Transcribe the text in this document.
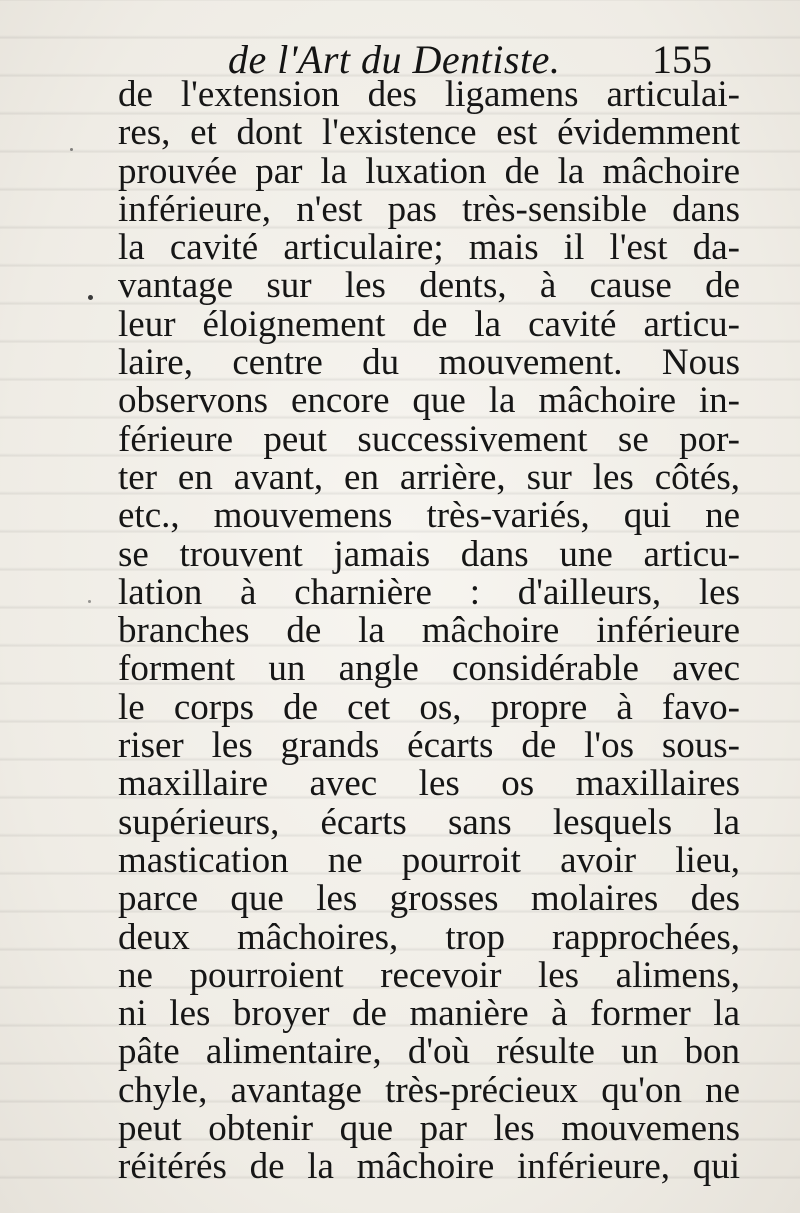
de l'Art du Dentiste. 155
de l'extension des ligamens articulai-
res, et dont l'existence est évidemment
prouvée par la luxation de la mâchoire
inférieure, n'est pas très-sensible dans
la cavité articulaire; mais il l'est da-
vantage sur les dents, à cause de
leur éloignement de la cavité articu-
laire, centre du mouvement. Nous
observons encore que la mâchoire in-
férieure peut successivement se por-
ter en avant, en arrière, sur les côtés,
etc., mouvemens très-variés, qui ne
se trouvent jamais dans une articu-
lation à charnière : d'ailleurs, les
branches de la mâchoire inférieure
forment un angle considérable avec
le corps de cet os, propre à favo-
riser les grands écarts de l'os sous-
maxillaire avec les os maxillaires
supérieurs, écarts sans lesquels la
mastication ne pourroit avoir lieu,
parce que les grosses molaires des
deux mâchoires, trop rapprochées,
ne pourroient recevoir les alimens,
ni les broyer de manière à former la
pâte alimentaire, d'où résulte un bon
chyle, avantage très-précieux qu'on ne
peut obtenir que par les mouvemens
réitérés de la mâchoire inférieure, qui
